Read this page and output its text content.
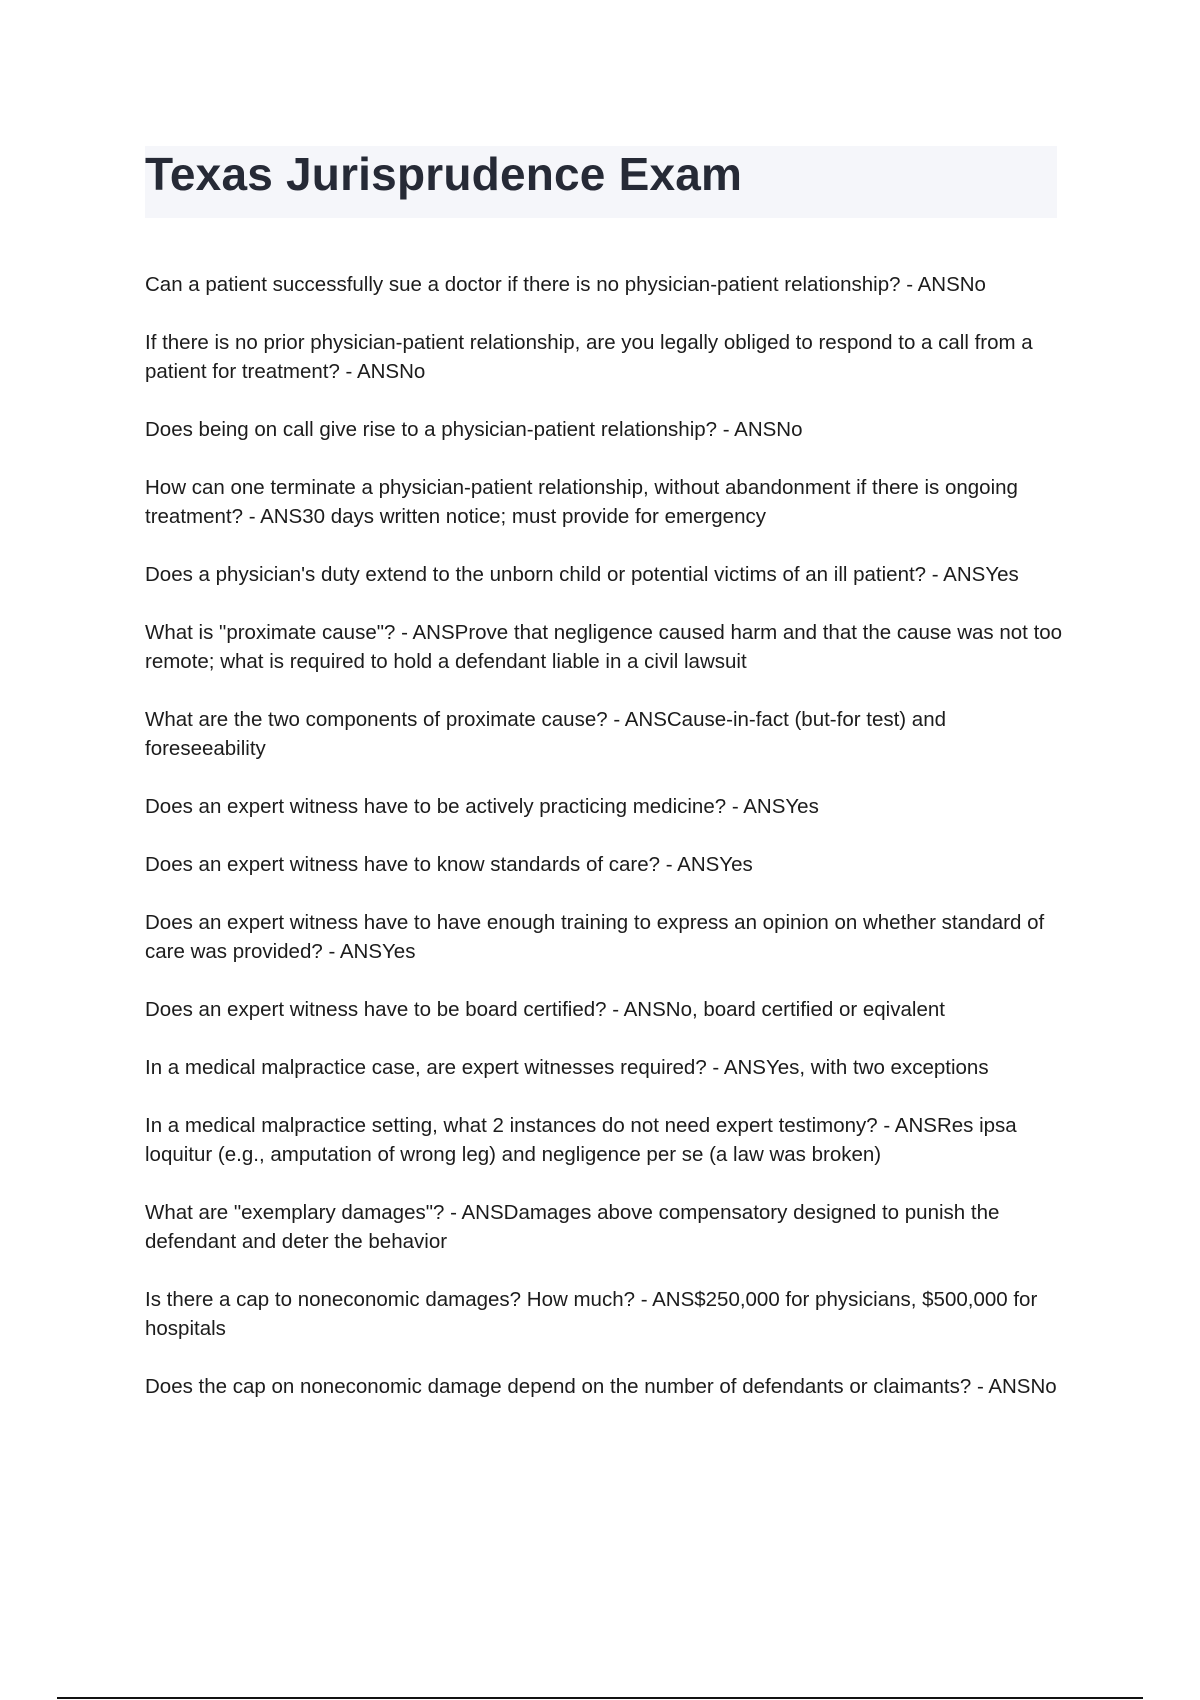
Texas Jurisprudence Exam
Can a patient successfully sue a doctor if there is no physician-patient relationship? - ANSNo
If there is no prior physician-patient relationship, are you legally obliged to respond to a call from a patient for treatment? - ANSNo
Does being on call give rise to a physician-patient relationship? - ANSNo
How can one terminate a physician-patient relationship, without abandonment if there is ongoing treatment? - ANS30 days written notice; must provide for emergency
Does a physician's duty extend to the unborn child or potential victims of an ill patient? - ANSYes
What is "proximate cause"? - ANSProve that negligence caused harm and that the cause was not too remote; what is required to hold a defendant liable in a civil lawsuit
What are the two components of proximate cause? - ANSCause-in-fact (but-for test) and foreseeability
Does an expert witness have to be actively practicing medicine? - ANSYes
Does an expert witness have to know standards of care? - ANSYes
Does an expert witness have to have enough training to express an opinion on whether standard of care was provided? - ANSYes
Does an expert witness have to be board certified? - ANSNo, board certified or eqivalent
In a medical malpractice case, are expert witnesses required? - ANSYes, with two exceptions
In a medical malpractice setting, what 2 instances do not need expert testimony? - ANSRes ipsa loquitur (e.g., amputation of wrong leg) and negligence per se (a law was broken)
What are "exemplary damages"? - ANSDamages above compensatory designed to punish the defendant and deter the behavior
Is there a cap to noneconomic damages? How much? - ANS$250,000 for physicians, $500,000 for hospitals
Does the cap on noneconomic damage depend on the number of defendants or claimants? - ANSNo
